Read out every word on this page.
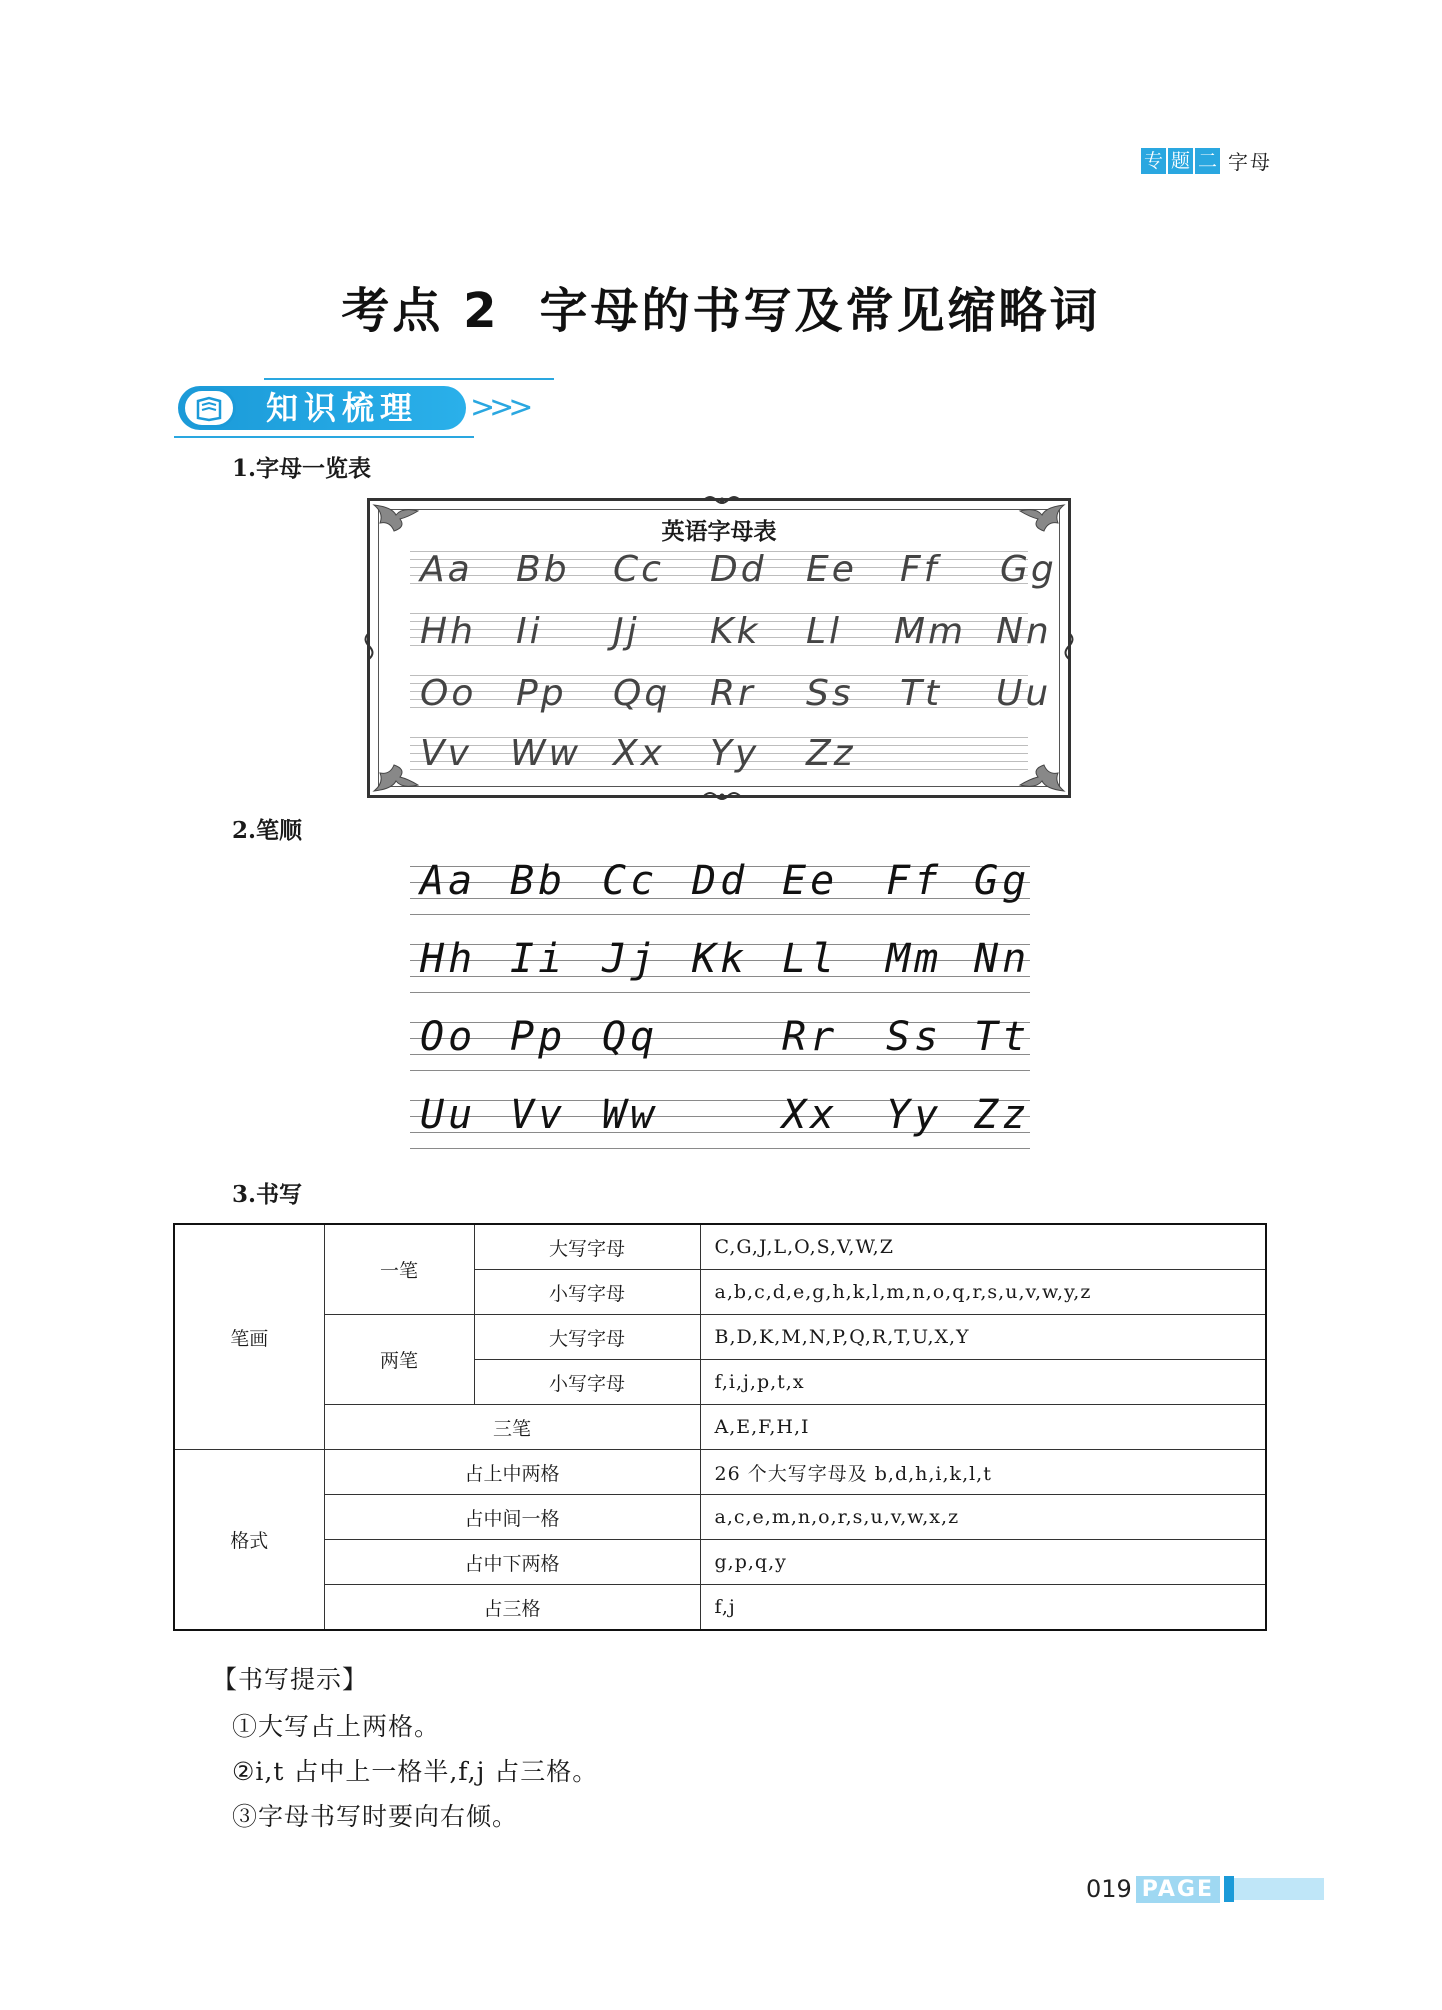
专 题 二 字母
考点 2 字母的书写及常见缩略词
知识梳理 >>>
1.字母一览表
英语字母表
Aa Bb Cc Dd Ee Ff Gg
Hh Ii Jj Kk Ll Mm Nn
Oo Pp Qq Rr Ss Tt Uu
Vv Ww Xx Yy Zz
2.笔顺
Aa Bb Cc Dd Ee Ff Gg
Hh Ii Jj Kk Ll Mm Nn
Oo Pp Qq	Rr Ss Tt
Uu Vv Ww	Xx Yy Zz
3.书写
笔画	一笔	大写字母	C,G,J,L,O,S,V,W,Z
		小写字母	a,b,c,d,e,g,h,k,l,m,n,o,q,r,s,u,v,w,y,z
	两笔	大写字母	B,D,K,M,N,P,Q,R,T,U,X,Y
		小写字母	f,i,j,p,t,x
	三笔		A,E,F,H,I
格式	占上中两格		26 个大写字母及 b,d,h,i,k,l,t
	占中间一格		a,c,e,m,n,o,r,s,u,v,w,x,z
	占中下两格		g,p,q,y
	占三格		f,j
【书写提示】
①大写占上两格。
②i,t 占中上一格半,f,j 占三格。
③字母书写时要向右倾。
019 PAGE
